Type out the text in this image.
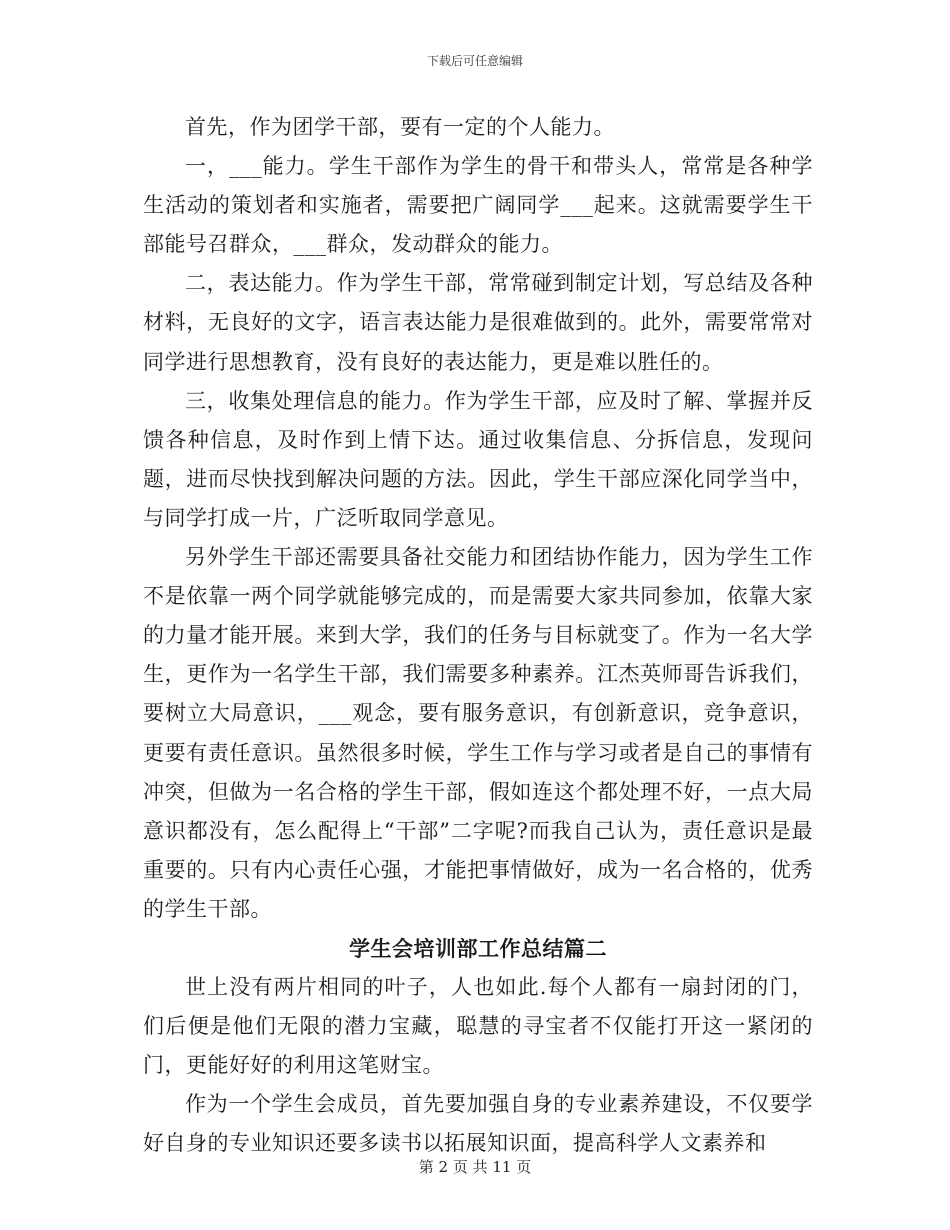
下载后可任意编辑

首先，作为团学干部，要有一定的个人能力。

一，___能力。学生干部作为学生的骨干和带头人，常常是各种学生活动的策划者和实施者，需要把广阔同学___起来。这就需要学生干部能号召群众，___群众，发动群众的能力。

二，表达能力。作为学生干部，常常碰到制定计划，写总结及各种材料，无良好的文字，语言表达能力是很难做到的。此外，需要常常对同学进行思想教育，没有良好的表达能力，更是难以胜任的。

三，收集处理信息的能力。作为学生干部，应及时了解、掌握并反馈各种信息，及时作到上情下达。通过收集信息、分拆信息，发现问题，进而尽快找到解决问题的方法。因此，学生干部应深化同学当中，与同学打成一片，广泛听取同学意见。

另外学生干部还需要具备社交能力和团结协作能力，因为学生工作不是依靠一两个同学就能够完成的，而是需要大家共同参加，依靠大家的力量才能开展。来到大学，我们的任务与目标就变了。作为一名大学生，更作为一名学生干部，我们需要多种素养。江杰英师哥告诉我们，要树立大局意识，___观念，要有服务意识，有创新意识，竞争意识，更要有责任意识。虽然很多时候，学生工作与学习或者是自己的事情有冲突，但做为一名合格的学生干部，假如连这个都处理不好，一点大局意识都没有，怎么配得上“干部”二字呢?而我自己认为，责任意识是最重要的。只有内心责任心强，才能把事情做好，成为一名合格的，优秀的学生干部。

学生会培训部工作总结篇二

世上没有两片相同的叶子，人也如此.每个人都有一扇封闭的门，们后便是他们无限的潜力宝藏，聪慧的寻宝者不仅能打开这一紧闭的门，更能好好的利用这笔财宝。

作为一个学生会成员，首先要加强自身的专业素养建设，不仅要学好自身的专业知识还要多读书以拓展知识面，提高科学人文素养和

第 2 页 共 11 页
